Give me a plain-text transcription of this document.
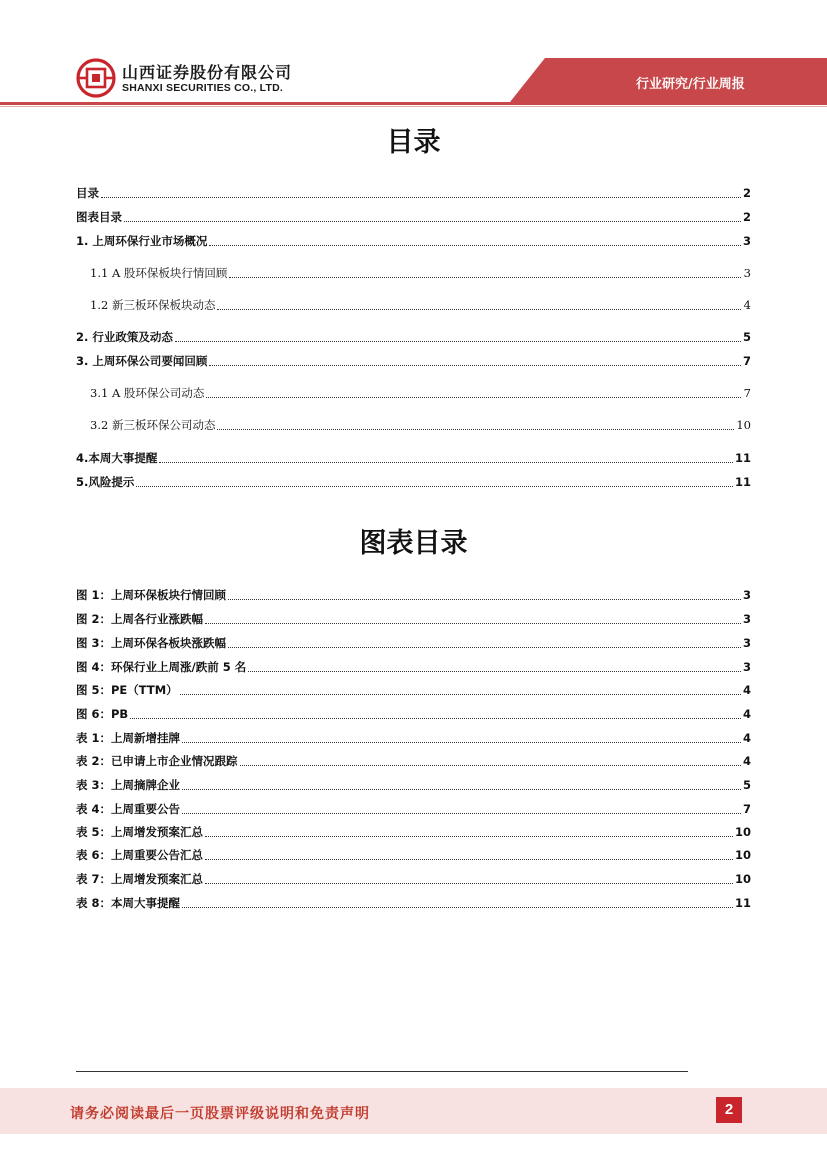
山西证券股份有限公司
SHANXI SECURITIES CO., LTD.	行业研究/行业周报
目录
目录	2
图表目录	2
1. 上周环保行业市场概况	3
1.1 A 股环保板块行情回顾	3
1.2 新三板环保板块动态	4
2. 行业政策及动态	5
3. 上周环保公司要闻回顾	7
3.1 A 股环保公司动态	7
3.2 新三板环保公司动态	10
4.本周大事提醒	11
5.风险提示	11
图表目录
图 1：上周环保板块行情回顾	3
图 2：上周各行业涨跌幅	3
图 3：上周环保各板块涨跌幅	3
图 4：环保行业上周涨/跌前 5 名	3
图 5：PE（TTM）	4
图 6：PB	4
表 1：上周新增挂牌	4
表 2：已申请上市企业情况跟踪	4
表 3：上周摘牌企业	5
表 4：上周重要公告	7
表 5：上周增发预案汇总	10
表 6：上周重要公告汇总	10
表 7：上周增发预案汇总	10
表 8：本周大事提醒	11
请务必阅读最后一页股票评级说明和免责声明	2
